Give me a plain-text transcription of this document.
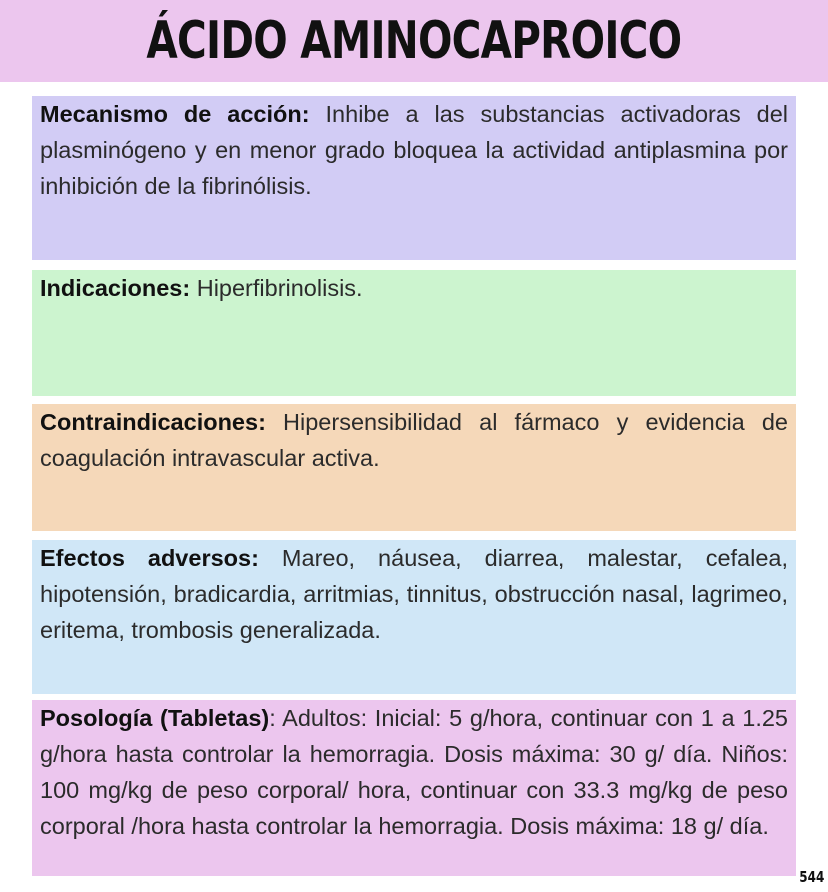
ÁCIDO AMINOCAPROICO
Mecanismo de acción: Inhibe a las substancias activadoras del plasminógeno y en menor grado bloquea la actividad antiplasmina por inhibición de la fibrinólisis.
Indicaciones: Hiperfibrinolisis.
Contraindicaciones: Hipersensibilidad al fármaco y evidencia de coagulación intravascular activa.
Efectos adversos: Mareo, náusea, diarrea, malestar, cefalea, hipotensión, bradicardia, arritmias, tinnitus, obstrucción nasal, lagrimeo, eritema, trombosis generalizada.
Posología (Tabletas): Adultos: Inicial: 5 g/hora, continuar con 1 a 1.25 g/hora hasta controlar la hemorragia. Dosis máxima: 30 g/ día. Niños: 100 mg/kg de peso corporal/ hora, continuar con 33.3 mg/kg de peso corporal /hora hasta controlar la hemorragia. Dosis máxima: 18 g/ día.
544
